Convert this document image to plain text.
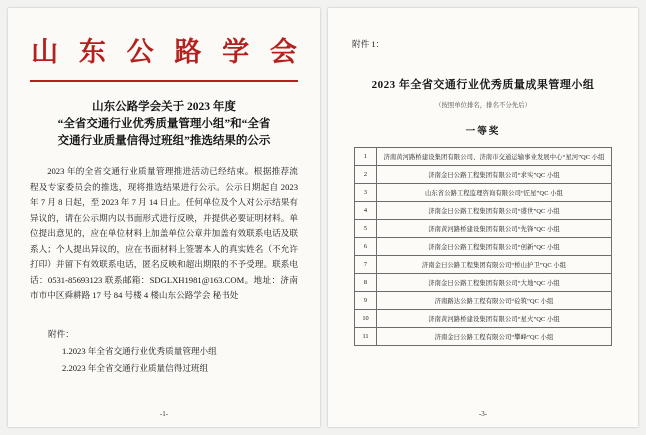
山 东 公 路 学 会
山东公路学会关于 2023 年度
“全省交通行业优秀质量管理小组”和“全省
交通行业质量信得过班组”推选结果的公示

2023 年的全省交通行业质量管理推进活动已经结束。根据推荐流程及专家委员会的推选，现将推选结果进行公示。公示日期起自 2023 年 7 月 8 日起，至 2023 年 7 月 14 日止。任何单位及个人对公示结果有异议的，请在公示期内以书面形式进行反映，并提供必要证明材料。单位提出意见的，应在单位材料上加盖单位公章并加盖有效联系电话及联系人；个人提出异议的，应在书面材料上签署本人的真实姓名（不允许打印）并留下有效联系电话，匿名反映和超出期限的不予受理。联系电话：0531-85693123 联系邮箱：SDGLXH1981@163.COM。地址：济南市市中区舜耕路 17 号 84 号楼 4 楼山东公路学会 秘书处

附件：
1.2023 年全省交通行业优秀质量管理小组
2.2023 年全省交通行业质量信得过班组
-1-
附件 1：
2023 年全省交通行业优秀质量成果管理小组
（按照单位排名，排名不分先后）
一等奖
1	济南黄河路桥建设集团有限公司、济南市交通运输事业发展中心“星河”QC 小组
2	济南金曰公路工程集团有限公司“求实”QC 小组
3	山东省公路工程监理咨询有限公司“匠星”QC 小组
4	济南金曰公路工程集团有限公司“盛世”QC 小组
5	济南黄河路桥建设集团有限公司“先锋”QC 小组
6	济南金曰公路工程集团有限公司“创新”QC 小组
7	济南金曰公路工程集团有限公司“桥山护卫”QC 小组
8	济南金曰公路工程集团有限公司“大地”QC 小组
9	济南路达公路工程有限公司“砼筑”QC 小组
10	济南黄河路桥建设集团有限公司“星火”QC 小组
11	济南金曰公路工程有限公司“攀峰”QC 小组
-3-
